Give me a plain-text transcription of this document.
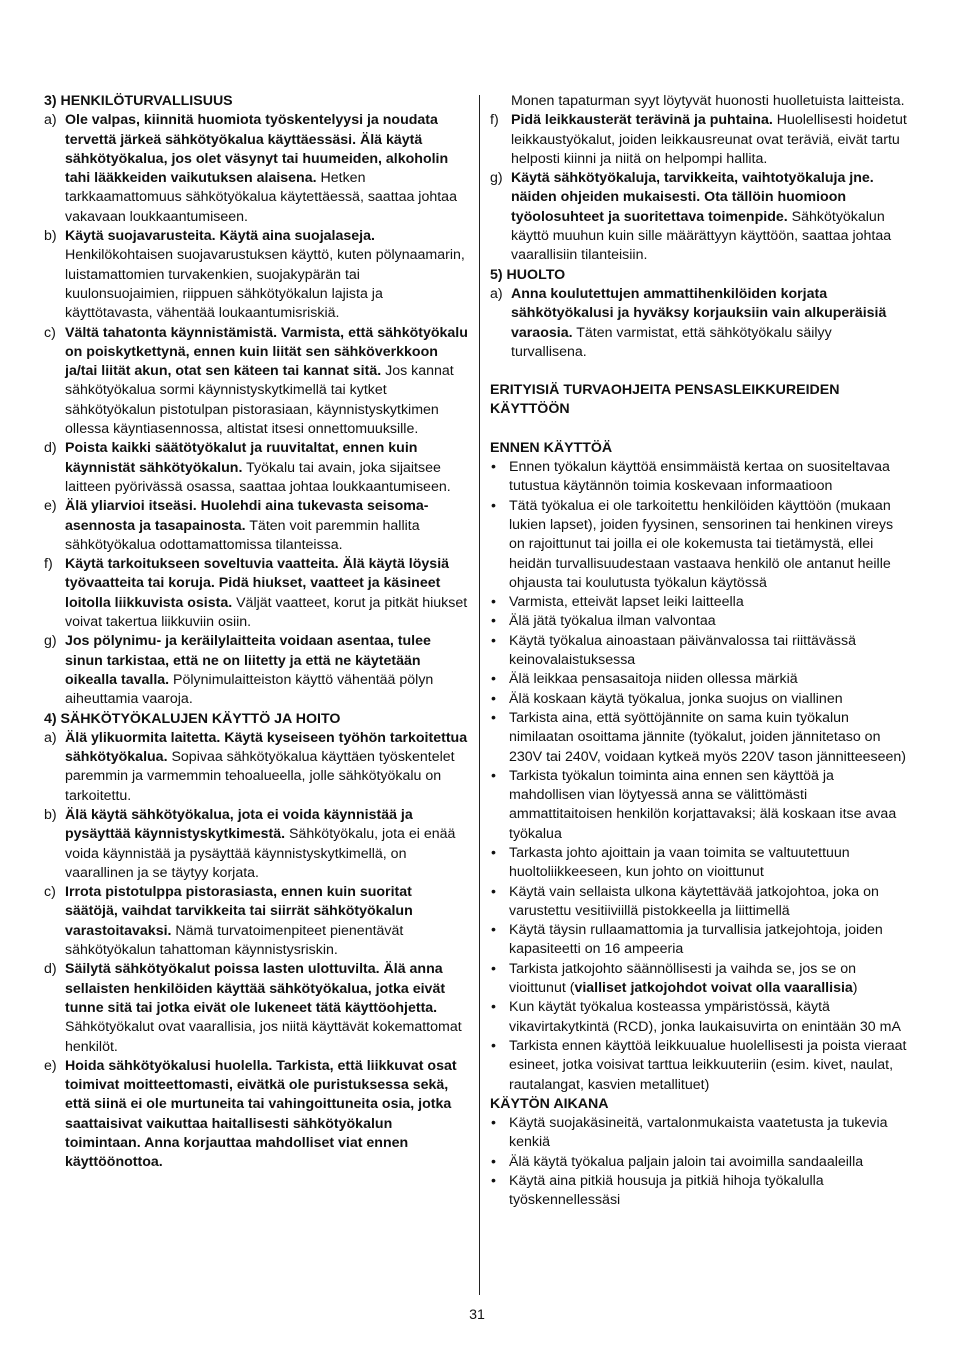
3) HENKILÖTURVALLISUUS
a) Ole valpas, kiinnitä huomiota työskentelyysi ja noudata tervettä järkeä sähkötyökalua käyttäessäsi. Älä käytä sähkötyökalua, jos olet väsynyt tai huumeiden, alkoholin tahi lääkkeiden vaikutuksen alaisena. Hetken tarkkaamattomuus sähkötyökalua käytettäessä, saattaa johtaa vakavaan loukkaantumiseen.
b) Käytä suojavarusteita. Käytä aina suojalaseja. Henkilökohtaisen suojavarustuksen käyttö, kuten pölynaamarin, luistamattomien turvakenkien, suojakypärän tai kuulonsuojaimien, riippuen sähkötyökalun lajista ja käyttötavasta, vähentää loukaantumisriskiä.
c) Vältä tahatonta käynnistämistä. Varmista, että sähkötyökalu on poiskytkettynä, ennen kuin liität sen sähköverkkoon ja/tai liität akun, otat sen käteen tai kannat sitä. Jos kannat sähkötyökalua sormi käynnistyskytkimellä tai kytket sähkötyökalun pistotulpan pistorasiaan, käynnistyskytkimen ollessa käyntiasennossa, altistat itsesi onnettomuuksille.
d) Poista kaikki säätötyökalut ja ruuvitaltat, ennen kuin käynnistät sähkötyökalun. Työkalu tai avain, joka sijaitsee laitteen pyörivässä osassa, saattaa johtaa loukkaantumiseen.
e) Älä yliarvioi itseäsi. Huolehdi aina tukevasta seisoma-asennosta ja tasapainosta. Täten voit paremmin hallita sähkötyökalua odottamattomissa tilanteissa.
f) Käytä tarkoitukseen soveltuvia vaatteita. Älä käytä löysiä työvaatteita tai koruja. Pidä hiukset, vaatteet ja käsineet loitolla liikkuvista osista. Väljät vaatteet, korut ja pitkät hiukset voivat takertua liikkuviin osiin.
g) Jos pölynimu- ja keräilylaitteita voidaan asentaa, tulee sinun tarkistaa, että ne on liitetty ja että ne käytetään oikealla tavalla. Pölynimulaitteiston käyttö vähentää pölyn aiheuttamia vaaroja.
4) SÄHKÖTYÖKALUJEN KÄYTTÖ JA HOITO
a) Älä ylikuormita laitetta. Käytä kyseiseen työhön tarkoitettua sähkötyökalua. Sopivaa sähkötyökalua käyttäen työskentelet paremmin ja varmemmin tehoalueella, jolle sähkötyökalu on tarkoitettu.
b) Älä käytä sähkötyökalua, jota ei voida käynnistää ja pysäyttää käynnistyskytkimestä. Sähkötyökalu, jota ei enää voida käynnistää ja pysäyttää käynnistyskytkimellä, on vaarallinen ja se täytyy korjata.
c) Irrota pistotulppa pistorasiasta, ennen kuin suoritat säätöjä, vaihdat tarvikkeita tai siirrät sähkötyökalun varastoitavaksi. Nämä turvatoimenpiteet pienentävät sähkötyökalun tahattoman käynnistysriskin.
d) Säilytä sähkötyökalut poissa lasten ulottuvilta. Älä anna sellaisten henkilöiden käyttää sähkötyökalua, jotka eivät tunne sitä tai jotka eivät ole lukeneet tätä käyttöohjetta. Sähkötyökalut ovat vaarallisia, jos niitä käyttävät kokemattomat henkilöt.
e) Hoida sähkötyökalusi huolella. Tarkista, että liikkuvat osat toimivat moitteettomasti, eivätkä ole puristuksessa sekä, että siinä ei ole murtuneita tai vahingoittuneita osia, jotka saattaisivat vaikuttaa haitallisesti sähkötyökalun toimintaan. Anna korjauttaa mahdolliset viat ennen käyttöönottoa.
Monen tapaturman syyt löytyvät huonosti huolletuista laitteista.
f) Pidä leikkausterät terävinä ja puhtaina. Huolellisesti hoidetut leikkaustyökalut, joiden leikkausreunat ovat teräviä, eivät tartu helposti kiinni ja niitä on helpompi hallita.
g) Käytä sähkötyökaluja, tarvikkeita, vaihtotyökaluja jne. näiden ohjeiden mukaisesti. Ota tällöin huomioon työolosuhteet ja suoritettava toimenpide. Sähkötyökalun käyttö muuhun kuin sille määrättyyn käyttöön, saattaa johtaa vaarallisiin tilanteisiin.
5) HUOLTO
a) Anna koulutettujen ammattihenkilöiden korjata sähkötyökalusi ja hyväksy korjauksiin vain alkuperäisiä varaosia. Täten varmistat, että sähkötyökalu säilyy turvallisena.
ERITYISIÄ TURVAOHJEITA PENSASLEIKKUREIDEN KÄYTTÖÖN
ENNEN KÄYTTÖÄ
• Ennen työkalun käyttöä ensimmäistä kertaa on suositeltavaa tutustua käytännön toimia koskevaan informaatioon
• Tätä työkalua ei ole tarkoitettu henkilöiden käyttöön (mukaan lukien lapset), joiden fyysinen, sensorinen tai henkinen vireys on rajoittunut tai joilla ei ole kokemusta tai tietämystä, ellei heidän turvallisuudestaan vastaava henkilö ole antanut heille ohjausta tai koulutusta työkalun käytössä
• Varmista, etteivät lapset leiki laitteella
• Älä jätä työkalua ilman valvontaa
• Käytä työkalua ainoastaan päivänvalossa tai riittävässä keinovalaistuksessa
• Älä leikkaa pensasaitoja niiden ollessa märkiä
• Älä koskaan käytä työkalua, jonka suojus on viallinen
• Tarkista aina, että syöttöjännite on sama kuin työkalun nimilaatan osoittama jännite (työkalut, joiden jännitetaso on 230V tai 240V, voidaan kytkeä myös 220V tason jännitteeseen)
• Tarkista työkalun toiminta aina ennen sen käyttöä ja mahdollisen vian löytyessä anna se välittömästi ammattitaitoisen henkilön korjattavaksi; älä koskaan itse avaa työkalua
• Tarkasta johto ajoittain ja vaan toimita se valtuutettuun huoltoliikkeeseen, kun johto on vioittunut
• Käytä vain sellaista ulkona käytettävää jatkojohtoa, joka on varustettu vesitiiviillä pistokkeella ja liittimellä
• Käytä täysin rullaamattomia ja turvallisia jatkejohtoja, joiden kapasiteetti on 16 ampeeria
• Tarkista jatkojohto säännöllisesti ja vaihda se, jos se on vioittunut (vialliset jatkojohdot voivat olla vaarallisia)
• Kun käytät työkalua kosteassa ympäristössä, käytä vikavirtakytkintä (RCD), jonka laukaisuvirta on enintään 30 mA
• Tarkista ennen käyttöä leikkuualue huolellisesti ja poista vieraat esineet, jotka voisivat tarttua leikkuuteriin (esim. kivet, naulat, rautalangat, kasvien metallituet)
KÄYTÖN AIKANA
• Käytä suojakäsineitä, vartalonmukaista vaatetusta ja tukevia kenkiä
• Älä käytä työkalua paljain jaloin tai avoimilla sandaaleilla
• Käytä aina pitkiä housuja ja pitkiä hihoja työkalulla työskennellessäsi
31
